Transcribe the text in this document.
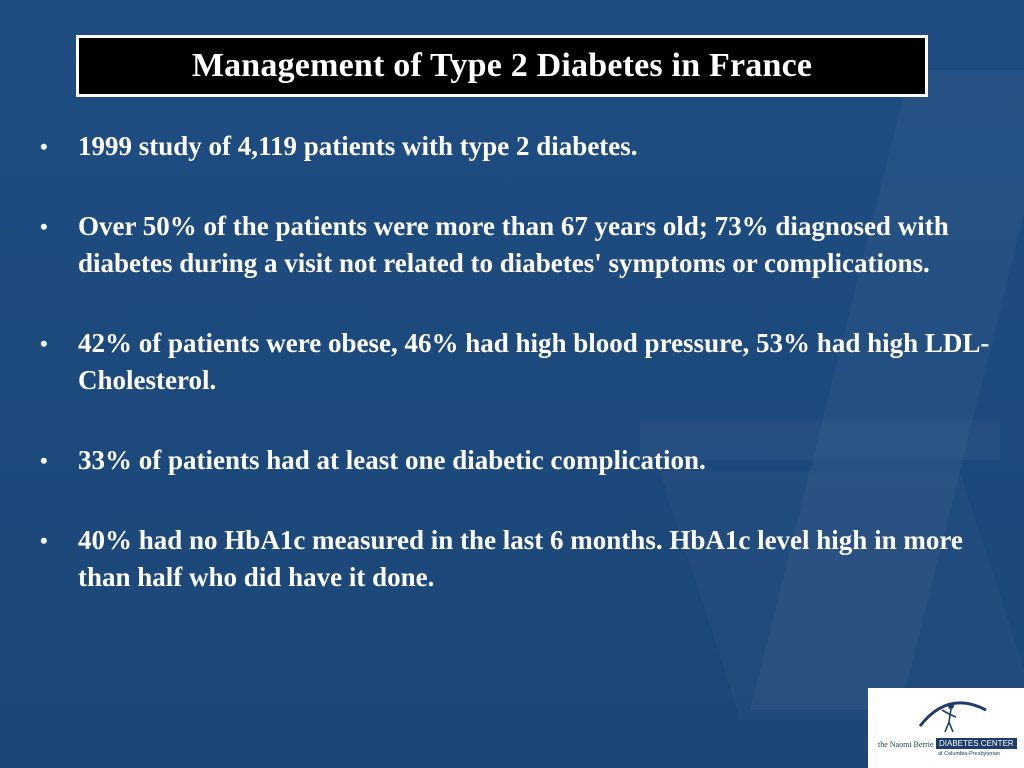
Management of Type 2 Diabetes in France
• 1999 study of 4,119 patients with type 2 diabetes.
• Over 50% of the patients were more than 67 years old; 73% diagnosed with diabetes during a visit not related to diabetes' symptoms or complications.
• 42% of patients were obese, 46% had high blood pressure, 53% had high LDL-Cholesterol.
• 33% of patients had at least one diabetic complication.
• 40% had no HbA1c measured in the last 6 months. HbA1c level high in more than half who did have it done.
the Naomi Berrie DIABETES CENTER
at Columbia-Presbyterian
